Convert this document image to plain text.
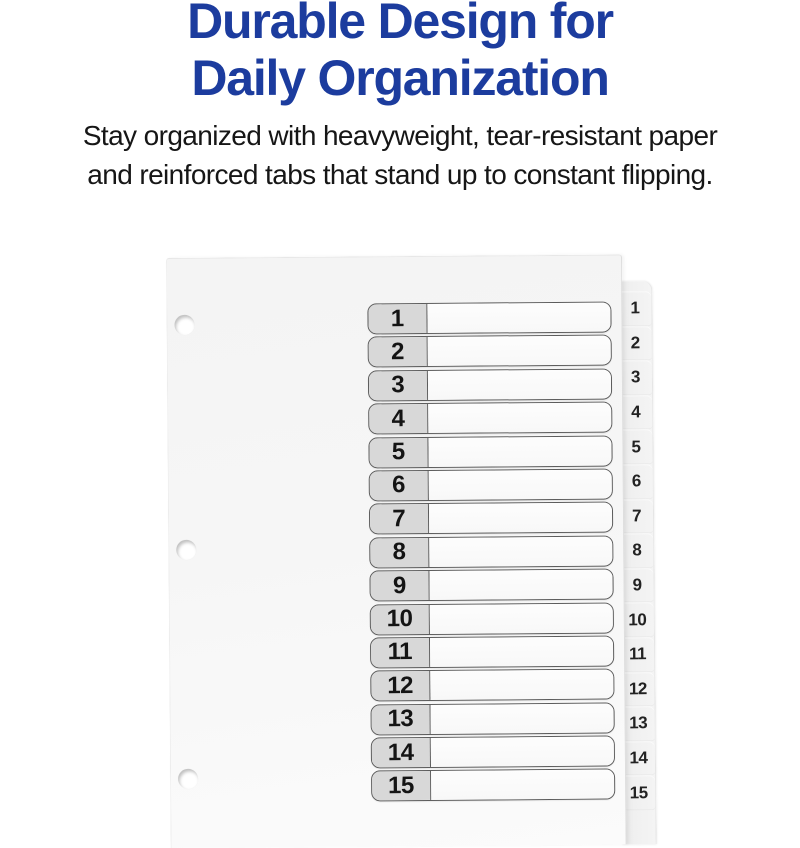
Durable Design for
Daily Organization

Stay organized with heavyweight, tear-resistant paper
and reinforced tabs that stand up to constant flipping.

1
2
3
4
5
6
7
8
9
10
11
12
13
14
15
1
2
3
4
5
6
7
8
9
10
11
12
13
14
15
